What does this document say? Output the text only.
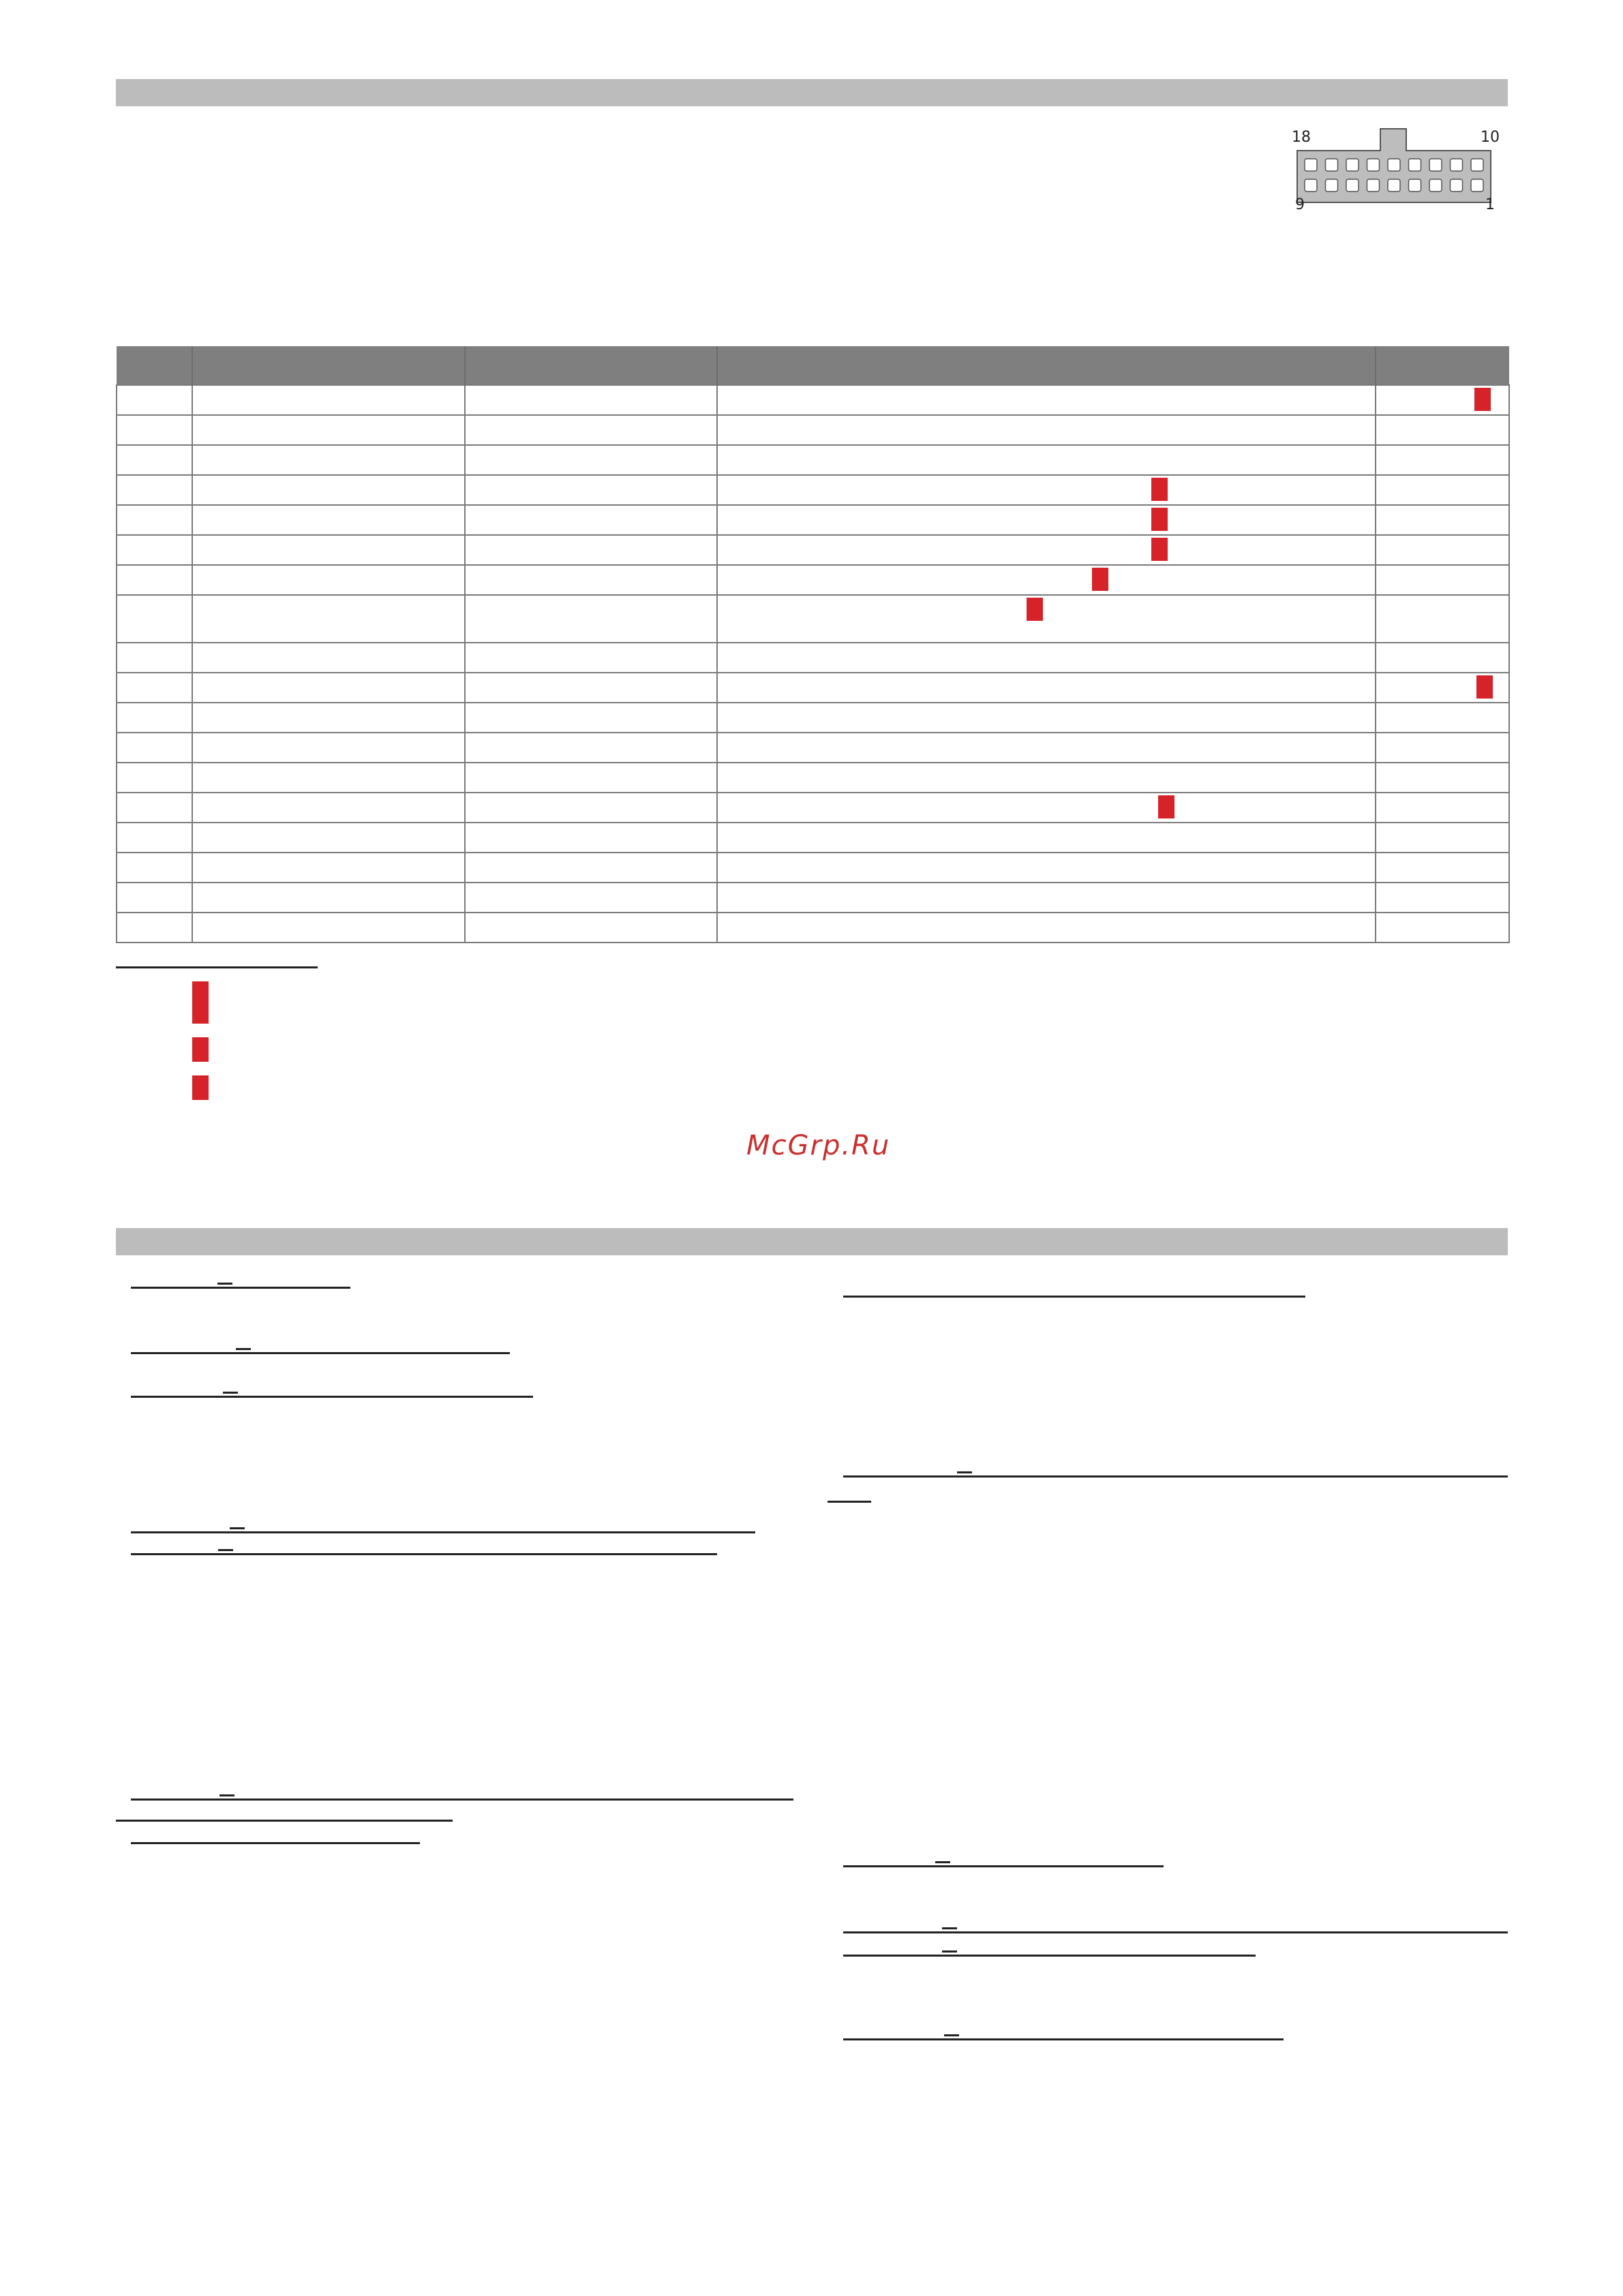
18	10
9	1

McGrp.Ru
